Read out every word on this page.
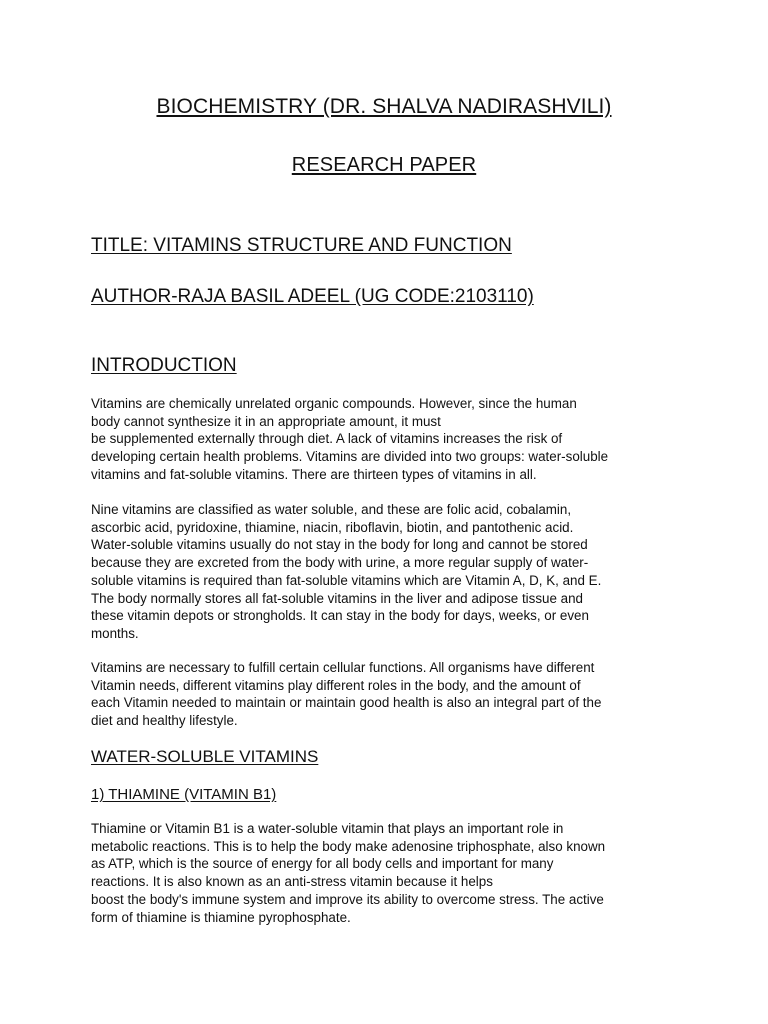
BIOCHEMISTRY (DR. SHALVA NADIRASHVILI)
RESEARCH PAPER
TITLE: VITAMINS STRUCTURE AND FUNCTION
AUTHOR-RAJA BASIL ADEEL (UG CODE:2103110)
INTRODUCTION
Vitamins are chemically unrelated organic compounds. However, since the human
body cannot synthesize it in an appropriate amount, it must
be supplemented externally through diet. A lack of vitamins increases the risk of
developing certain health problems. Vitamins are divided into two groups: water-soluble
vitamins and fat-soluble vitamins. There are thirteen types of vitamins in all.
Nine vitamins are classified as water soluble, and these are folic acid, cobalamin,
ascorbic acid, pyridoxine, thiamine, niacin, riboflavin, biotin, and pantothenic acid.
Water-soluble vitamins usually do not stay in the body for long and cannot be stored
because they are excreted from the body with urine, a more regular supply of water-
soluble vitamins is required than fat-soluble vitamins which are Vitamin A, D, K, and E.
The body normally stores all fat-soluble vitamins in the liver and adipose tissue and
these vitamin depots or strongholds. It can stay in the body for days, weeks, or even
months.
Vitamins are necessary to fulfill certain cellular functions. All organisms have different
Vitamin needs, different vitamins play different roles in the body, and the amount of
each Vitamin needed to maintain or maintain good health is also an integral part of the
diet and healthy lifestyle.
WATER-SOLUBLE VITAMINS
1) THIAMINE (VITAMIN B1)
Thiamine or Vitamin B1 is a water-soluble vitamin that plays an important role in
metabolic reactions. This is to help the body make adenosine triphosphate, also known
as ATP, which is the source of energy for all body cells and important for many
reactions. It is also known as an anti-stress vitamin because it helps
boost the body's immune system and improve its ability to overcome stress. The active
form of thiamine is thiamine pyrophosphate.
